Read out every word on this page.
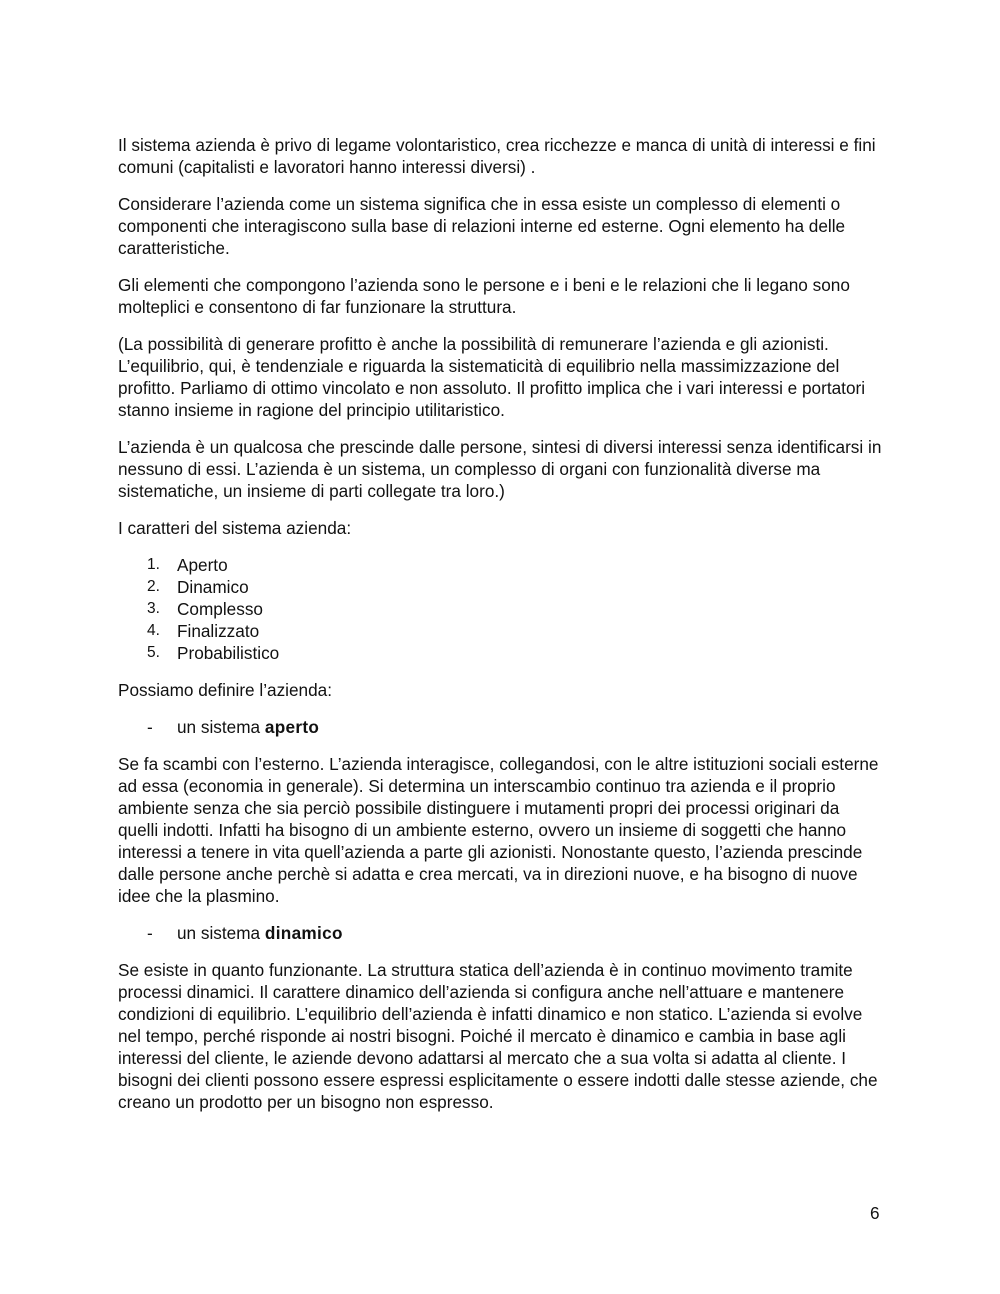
Il sistema azienda è privo di legame volontaristico, crea ricchezze e manca di unità di interessi e fini comuni (capitalisti e lavoratori hanno interessi diversi) .

Considerare l’azienda come un sistema significa che in essa esiste un complesso di elementi o componenti che interagiscono sulla base di relazioni interne ed esterne. Ogni elemento ha delle caratteristiche.

Gli elementi che compongono l’azienda sono le persone e i beni e le relazioni che li legano sono molteplici e consentono di far funzionare la struttura.

(La possibilità di generare profitto è anche la possibilità di remunerare l’azienda e gli azionisti. L’equilibrio, qui, è tendenziale e riguarda la sistematicità di equilibrio nella massimizzazione del profitto. Parliamo di ottimo vincolato e non assoluto. Il profitto implica che i vari interessi e portatori stanno insieme in ragione del principio utilitaristico.

L’azienda è un qualcosa che prescinde dalle persone, sintesi di diversi interessi senza identificarsi in nessuno di essi. L’azienda è un sistema, un complesso di organi con funzionalità diverse ma sistematiche, un insieme di parti collegate tra loro.)

I caratteri del sistema azienda:

1. Aperto
2. Dinamico
3. Complesso
4. Finalizzato
5. Probabilistico

Possiamo definire l’azienda:

- un sistema aperto

Se fa scambi con l’esterno. L’azienda interagisce, collegandosi, con le altre istituzioni sociali esterne ad essa (economia in generale). Si determina un interscambio continuo tra azienda e il proprio ambiente senza che sia perciò possibile distinguere i mutamenti propri dei processi originari da quelli indotti. Infatti ha bisogno di un ambiente esterno, ovvero un insieme di soggetti che hanno interessi a tenere in vita quell’azienda a parte gli azionisti. Nonostante questo, l’azienda prescinde dalle persone anche perchè si adatta e crea mercati, va in direzioni nuove, e ha bisogno di nuove idee che la plasmino.

- un sistema dinamico

Se esiste in quanto funzionante. La struttura statica dell’azienda è in continuo movimento tramite processi dinamici. Il carattere dinamico dell’azienda si configura anche nell’attuare e mantenere condizioni di equilibrio. L’equilibrio dell’azienda è infatti dinamico e non statico. L’azienda si evolve nel tempo, perché risponde ai nostri bisogni. Poiché il mercato è dinamico e cambia in base agli interessi del cliente, le aziende devono adattarsi al mercato che a sua volta si adatta al cliente. I bisogni dei clienti possono essere espressi esplicitamente o essere indotti dalle stesse aziende, che creano un prodotto per un bisogno non espresso.

6
